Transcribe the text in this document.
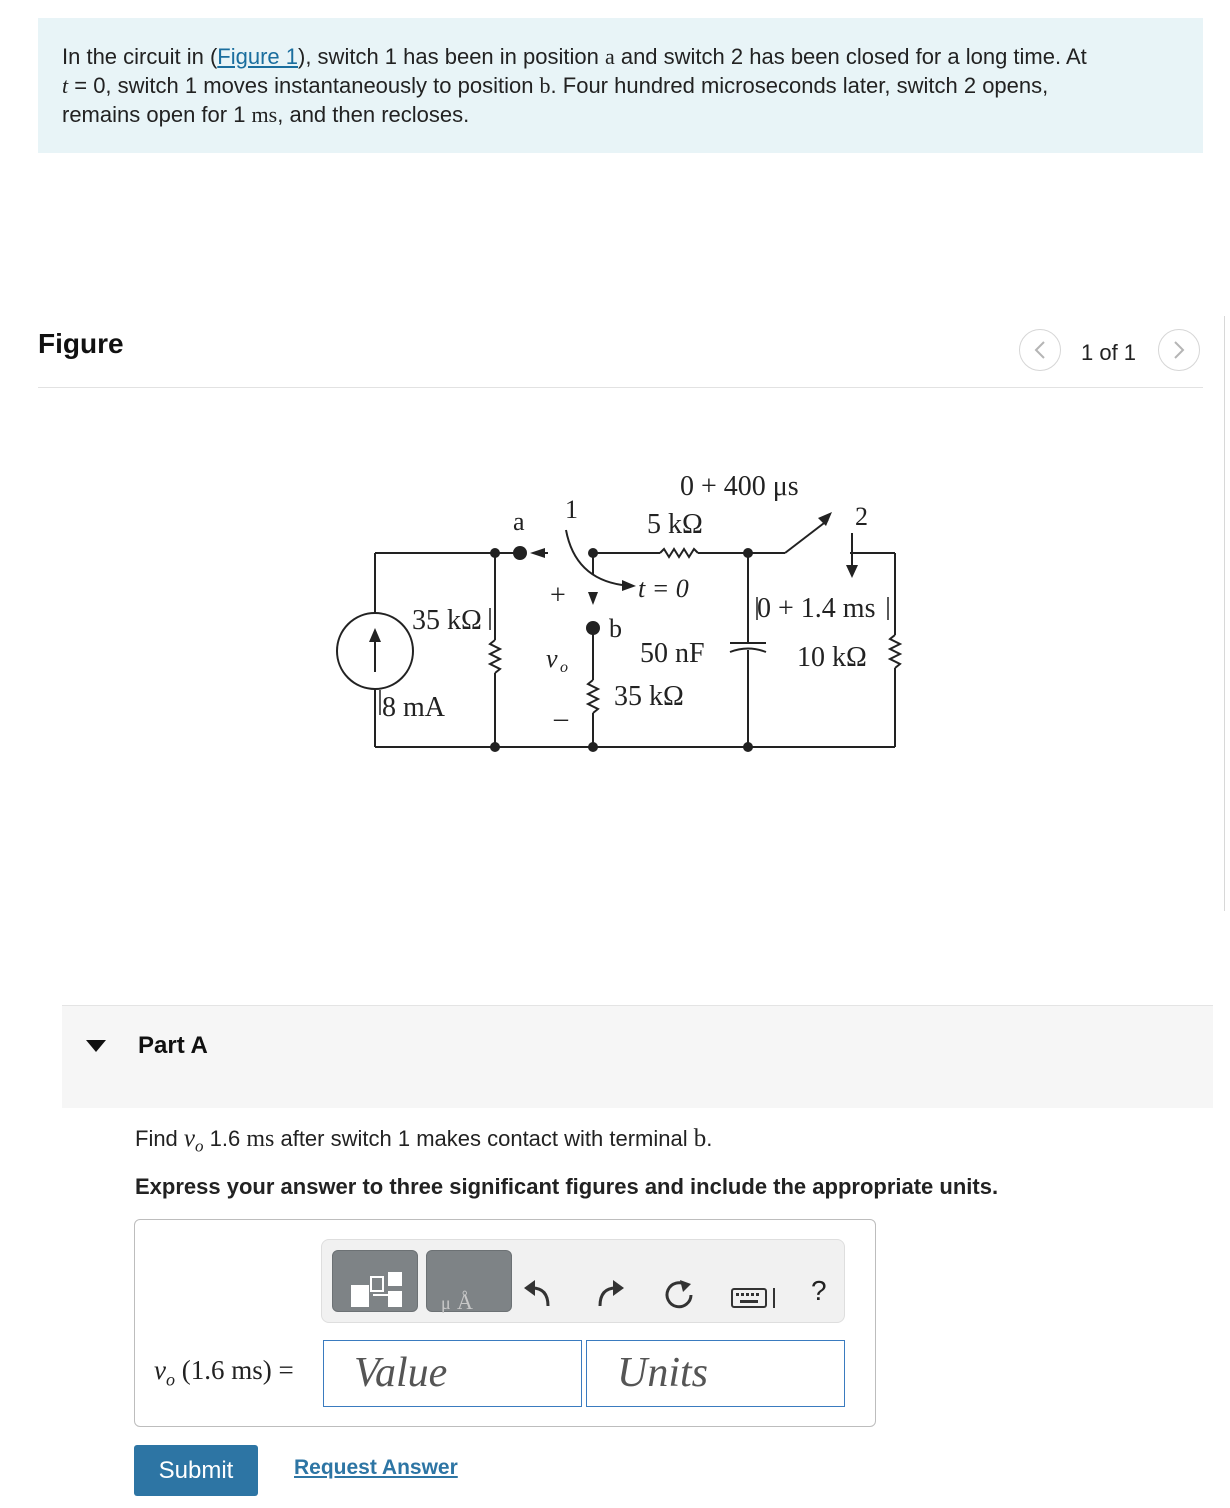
In the circuit in (Figure 1), switch 1 has been in position a and switch 2 has been closed for a long time. At
t = 0, switch 1 moves instantaneously to position b. Four hundred microseconds later, switch 2 opens,
remains open for 1 ms, and then recloses.
Figure	1 of 1
0 + 400 μs
a 1 5 kΩ	2
+	t = 0
0 + 1.4 ms
35 kΩ	b
50 nF	10 kΩ
v o
35 kΩ
8 mA	–
Part A
Find $v_o$ 1.6 ms after switch 1 makes contact with terminal b.
Express your answer to three significant figures and include the appropriate units.
μ Å	?
$v_o$ (1.6 ms) =	Value	Units
Submit	Request Answer
